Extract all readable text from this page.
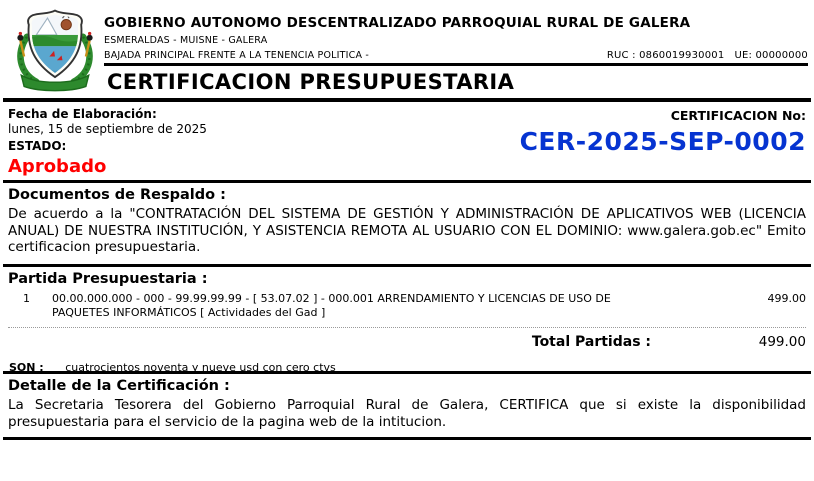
GOBIERNO AUTONOMO DESCENTRALIZADO PARROQUIAL RURAL DE GALERA
ESMERALDAS - MUISNE - GALERA
BAJADA PRINCIPAL FRENTE A LA TENENCIA POLITICA -	RUC : 0860019930001   UE: 00000000
CERTIFICACION PRESUPUESTARIA
Fecha de Elaboración:
lunes, 15 de septiembre de 2025
ESTADO:
Aprobado
CERTIFICACION No:
CER-2025-SEP-0002
Documentos de Respaldo :

De acuerdo a la "CONTRATACIÓN DEL SISTEMA DE GESTIÓN Y ADMINISTRACIÓN DE APLICATIVOS WEB (LICENCIA ANUAL) DE NUESTRA INSTITUCIÓN, Y ASISTENCIA REMOTA AL USUARIO CON EL DOMINIO: www.galera.gob.ec" Emito certificacion presupuestaria.

Partida Presupuestaria :
1 00.00.000.000 - 000 - 99.99.99.99 - [ 53.07.02 ] - 000.001 ARRENDAMIENTO Y LICENCIAS DE USO DE PAQUETES INFORMÁTICOS [ Actividades del Gad ]
499.00
Total Partidas :	499.00
SON : cuatrocientos noventa y nueve usd con cero ctvs
Detalle de la Certificación :

La Secretaria Tesorera del Gobierno Parroquial Rural de Galera, CERTIFICA que si existe la disponibilidad presupuestaria para el servicio de la pagina web de la intitucion.
